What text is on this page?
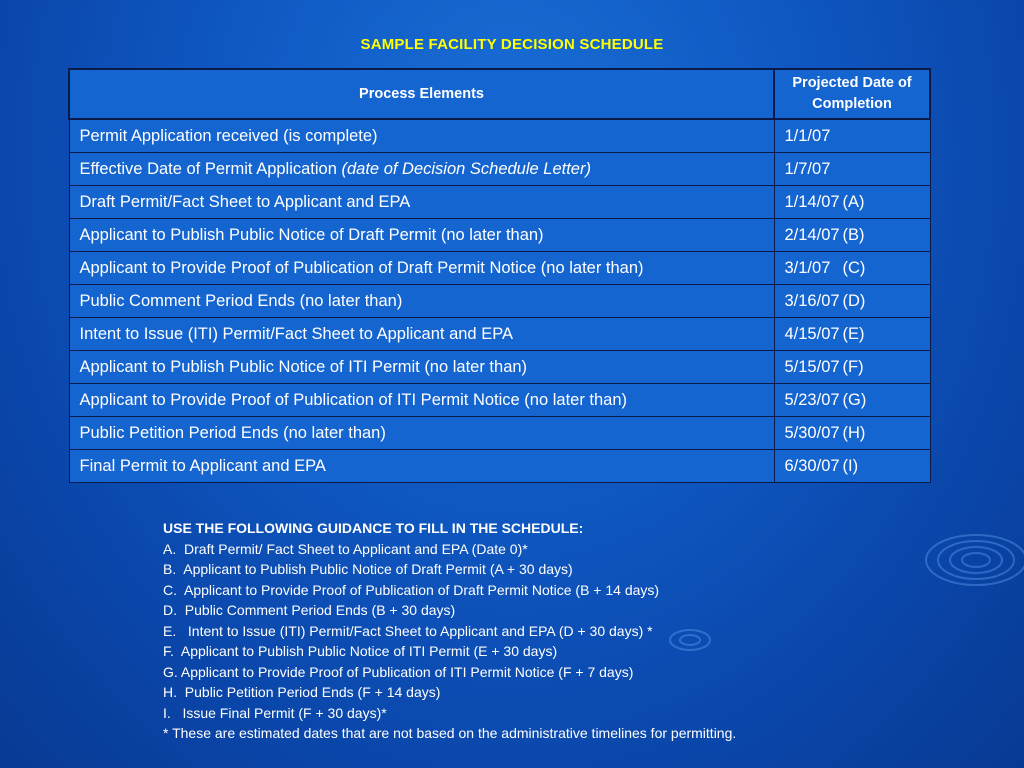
SAMPLE FACILITY DECISION SCHEDULE
Process Elements	Projected Date of Completion
Permit Application received (is complete)	1/1/07
Effective Date of Permit Application (date of Decision Schedule Letter)	1/7/07
Draft Permit/Fact Sheet to Applicant and EPA	1/14/07 (A)
Applicant to Publish Public Notice of Draft Permit (no later than)	2/14/07 (B)
Applicant to Provide Proof of Publication of Draft Permit Notice (no later than)	3/1/07 (C)
Public Comment Period Ends (no later than)	3/16/07 (D)
Intent to Issue (ITI) Permit/Fact Sheet to Applicant and EPA	4/15/07 (E)
Applicant to Publish Public Notice of ITI Permit (no later than)	5/15/07 (F)
Applicant to Provide Proof of Publication of ITI Permit Notice (no later than)	5/23/07 (G)
Public Petition Period Ends (no later than)	5/30/07 (H)
Final Permit to Applicant and EPA	6/30/07 (I)
USE THE FOLLOWING GUIDANCE TO FILL IN THE SCHEDULE:
A.  Draft Permit/ Fact Sheet to Applicant and EPA (Date 0)*
B.  Applicant to Publish Public Notice of Draft Permit (A + 30 days)
C.  Applicant to Provide Proof of Publication of Draft Permit Notice (B + 14 days)
D.  Public Comment Period Ends (B + 30 days)
E.   Intent to Issue (ITI) Permit/Fact Sheet to Applicant and EPA (D + 30 days) *
F.  Applicant to Publish Public Notice of ITI Permit (E + 30 days)
G. Applicant to Provide Proof of Publication of ITI Permit Notice (F + 7 days)
H.  Public Petition Period Ends (F + 14 days)
I.   Issue Final Permit (F + 30 days)*
* These are estimated dates that are not based on the administrative timelines for permitting.
